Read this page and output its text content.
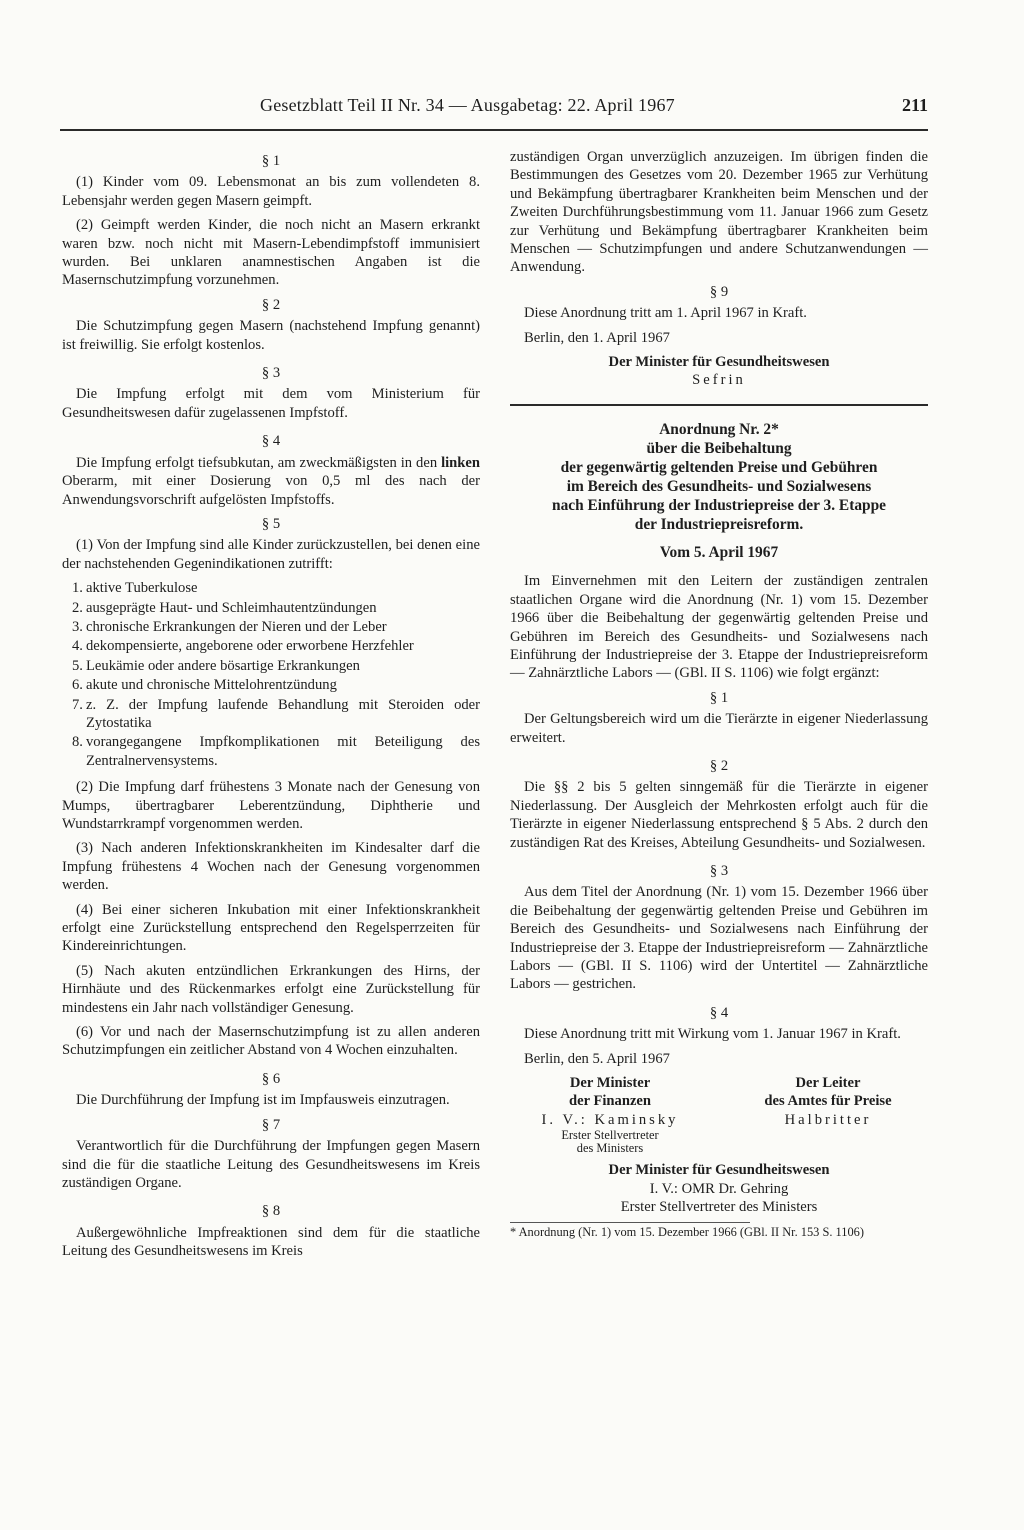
Gesetzblatt Teil II Nr. 34 — Ausgabetag: 22. April 1967	211
§ 1

(1) Kinder vom 09. Lebensmonat an bis zum vollendeten 8. Lebensjahr werden gegen Masern geimpft.

(2) Geimpft werden Kinder, die noch nicht an Masern erkrankt waren bzw. noch nicht mit Masern-Lebendimpfstoff immunisiert wurden. Bei unklaren anamnestischen Angaben ist die Masernschutzimpfung vorzunehmen.

§ 2

Die Schutzimpfung gegen Masern (nachstehend Impfung genannt) ist freiwillig. Sie erfolgt kostenlos.

§ 3

Die Impfung erfolgt mit dem vom Ministerium für Gesundheitswesen dafür zugelassenen Impfstoff.

§ 4

Die Impfung erfolgt tiefsubkutan, am zweckmäßigsten in den linken Oberarm, mit einer Dosierung von 0,5 ml des nach der Anwendungsvorschrift aufgelösten Impfstoffs.

§ 5

(1) Von der Impfung sind alle Kinder zurückzustellen, bei denen eine der nachstehenden Gegenindikationen zutrifft:

1. aktive Tuberkulose
2. ausgeprägte Haut- und Schleimhautentzündungen
3. chronische Erkrankungen der Nieren und der Leber
4. dekompensierte, angeborene oder erworbene Herzfehler
5. Leukämie oder andere bösartige Erkrankungen
6. akute und chronische Mittelohrentzündung
7. z. Z. der Impfung laufende Behandlung mit Steroiden oder Zytostatika
8. vorangegangene Impfkomplikationen mit Beteiligung des Zentralnervensystems.

(2) Die Impfung darf frühestens 3 Monate nach der Genesung von Mumps, übertragbarer Leberentzündung, Diphtherie und Wundstarrkrampf vorgenommen werden.

(3) Nach anderen Infektionskrankheiten im Kindesalter darf die Impfung frühestens 4 Wochen nach der Genesung vorgenommen werden.

(4) Bei einer sicheren Inkubation mit einer Infektionskrankheit erfolgt eine Zurückstellung entsprechend den Regelsperrzeiten für Kindereinrichtungen.

(5) Nach akuten entzündlichen Erkrankungen des Hirns, der Hirnhäute und des Rückenmarkes erfolgt eine Zurückstellung für mindestens ein Jahr nach vollständiger Genesung.

(6) Vor und nach der Masernschutzimpfung ist zu allen anderen Schutzimpfungen ein zeitlicher Abstand von 4 Wochen einzuhalten.

§ 6

Die Durchführung der Impfung ist im Impfausweis einzutragen.

§ 7

Verantwortlich für die Durchführung der Impfungen gegen Masern sind die für die staatliche Leitung des Gesundheitswesens im Kreis zuständigen Organe.

§ 8

Außergewöhnliche Impfreaktionen sind dem für die staatliche Leitung des Gesundheitswesens im Kreis

zuständigen Organ unverzüglich anzuzeigen. Im übrigen finden die Bestimmungen des Gesetzes vom 20. Dezember 1965 zur Verhütung und Bekämpfung übertragbarer Krankheiten beim Menschen und der Zweiten Durchführungsbestimmung vom 11. Januar 1966 zum Gesetz zur Verhütung und Bekämpfung übertragbarer Krankheiten beim Menschen — Schutzimpfungen und andere Schutzanwendungen — Anwendung.

§ 9

Diese Anordnung tritt am 1. April 1967 in Kraft.

Berlin, den 1. April 1967

Der Minister für Gesundheitswesen
Sefrin
Anordnung Nr. 2*
über die Beibehaltung
der gegenwärtig geltenden Preise und Gebühren
im Bereich des Gesundheits- und Sozialwesens
nach Einführung der Industriepreise der 3. Etappe
der Industriepreisreform.
Vom 5. April 1967

Im Einvernehmen mit den Leitern der zuständigen zentralen staatlichen Organe wird die Anordnung (Nr. 1) vom 15. Dezember 1966 über die Beibehaltung der gegenwärtig geltenden Preise und Gebühren im Bereich des Gesundheits- und Sozialwesens nach Einführung der Industriepreise der 3. Etappe der Industriepreisreform — Zahnärztliche Labors — (GBl. II S. 1106) wie folgt ergänzt:

§ 1

Der Geltungsbereich wird um die Tierärzte in eigener Niederlassung erweitert.

§ 2

Die §§ 2 bis 5 gelten sinngemäß für die Tierärzte in eigener Niederlassung. Der Ausgleich der Mehrkosten erfolgt auch für die Tierärzte in eigener Niederlassung entsprechend § 5 Abs. 2 durch den zuständigen Rat des Kreises, Abteilung Gesundheits- und Sozialwesen.

§ 3

Aus dem Titel der Anordnung (Nr. 1) vom 15. Dezember 1966 über die Beibehaltung der gegenwärtig geltenden Preise und Gebühren im Bereich des Gesundheits- und Sozialwesens nach Einführung der Industriepreise der 3. Etappe der Industriepreisreform — Zahnärztliche Labors — (GBl. II S. 1106) wird der Untertitel — Zahnärztliche Labors — gestrichen.

§ 4

Diese Anordnung tritt mit Wirkung vom 1. Januar 1967 in Kraft.

Berlin, den 5. April 1967

Der Minister
der Finanzen
I. V.: Kaminsky
Erster Stellvertreter
des Ministers
Der Leiter
des Amtes für Preise
Halbritter
Der Minister für Gesundheitswesen
I. V.: OMR Dr. Gehring
Erster Stellvertreter des Ministers
* Anordnung (Nr. 1) vom 15. Dezember 1966 (GBl. II Nr. 153 S. 1106)
